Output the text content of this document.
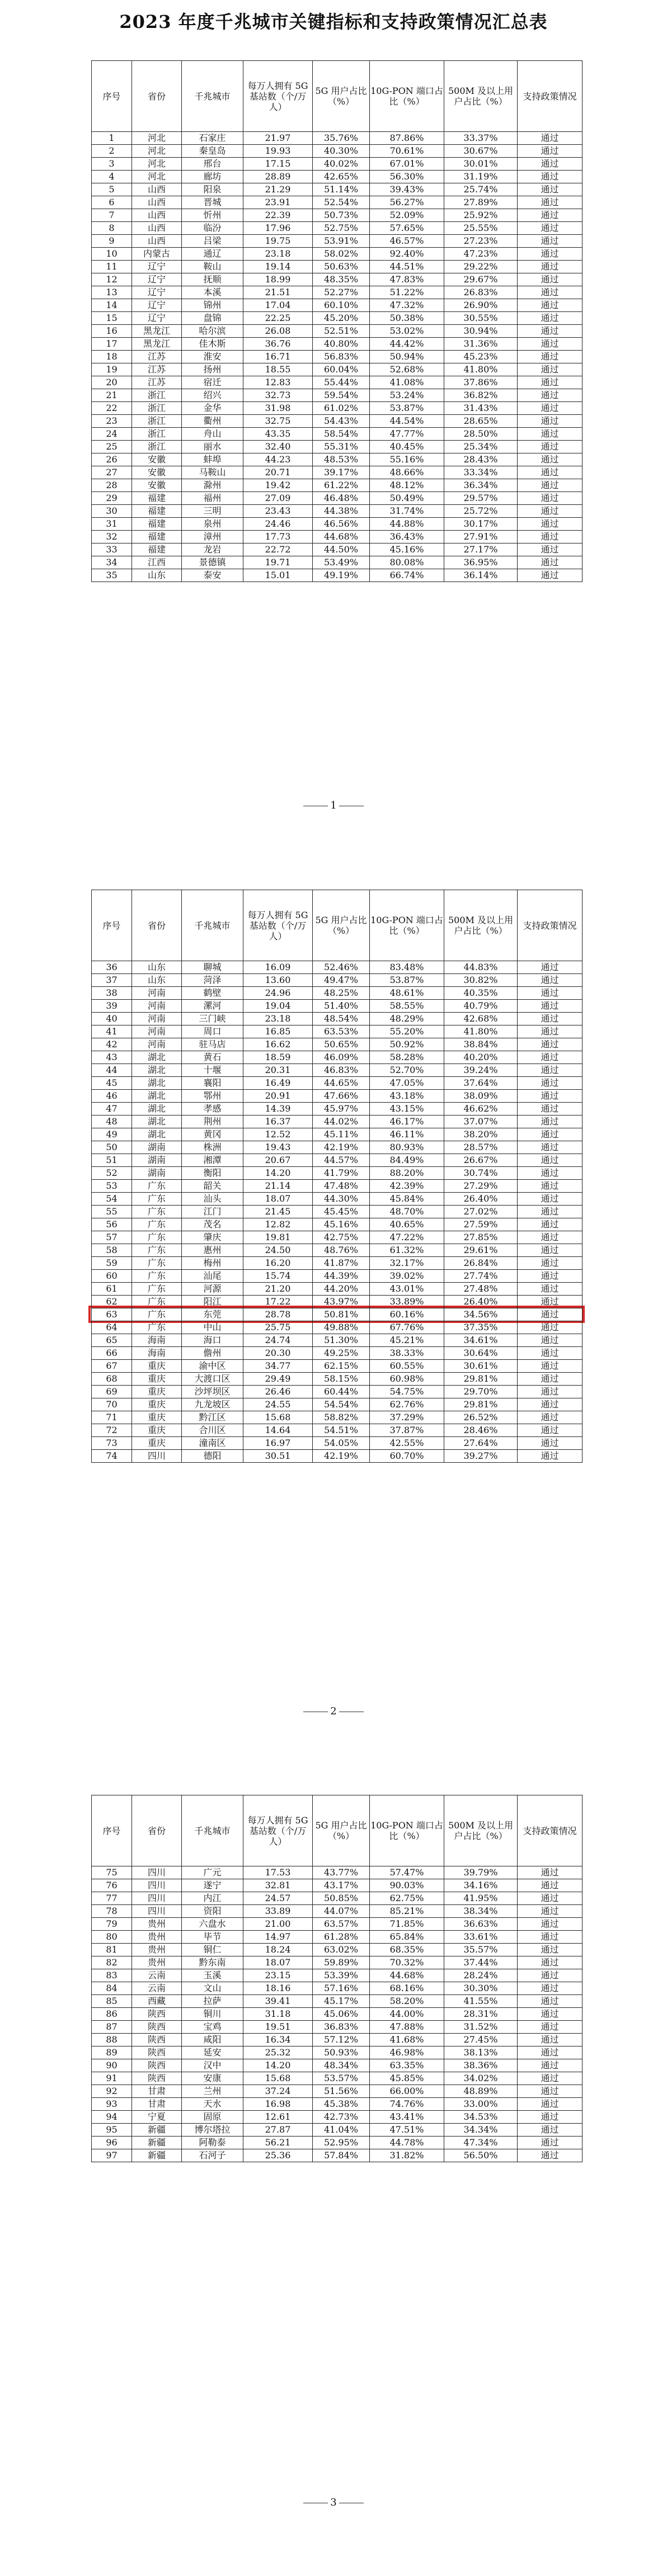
2023 年度千兆城市关键指标和支持政策情况汇总表
序号	省份	千兆城市	每万人拥有 5G 基站数（个/万人）	5G 用户占比（%）	10G-PON 端口占比（%）	500M 及以上用户占比（%）	支持政策情况
1	河北	石家庄	21.97	35.76%	87.86%	33.37%	通过
2	河北	秦皇岛	19.93	40.30%	70.61%	30.67%	通过
3	河北	邢台	17.15	40.02%	67.01%	30.01%	通过
4	河北	廊坊	28.89	42.65%	56.30%	31.19%	通过
5	山西	阳泉	21.29	51.14%	39.43%	25.74%	通过
6	山西	晋城	23.91	52.54%	56.27%	27.89%	通过
7	山西	忻州	22.39	50.73%	52.09%	25.92%	通过
8	山西	临汾	17.96	52.75%	57.65%	25.55%	通过
9	山西	吕梁	19.75	53.91%	46.57%	27.23%	通过
10	内蒙古	通辽	23.18	58.02%	92.40%	47.23%	通过
11	辽宁	鞍山	19.14	50.63%	44.51%	29.22%	通过
12	辽宁	抚顺	18.99	48.35%	47.83%	29.67%	通过
13	辽宁	本溪	21.51	52.27%	51.22%	26.83%	通过
14	辽宁	锦州	17.04	60.10%	47.32%	26.90%	通过
15	辽宁	盘锦	22.25	45.20%	50.38%	30.55%	通过
16	黑龙江	哈尔滨	26.08	52.51%	53.02%	30.94%	通过
17	黑龙江	佳木斯	36.76	40.80%	44.42%	31.36%	通过
18	江苏	淮安	16.71	56.83%	50.94%	45.23%	通过
19	江苏	扬州	18.55	60.04%	52.68%	41.80%	通过
20	江苏	宿迁	12.83	55.44%	41.08%	37.86%	通过
21	浙江	绍兴	32.73	59.54%	53.24%	36.82%	通过
22	浙江	金华	31.98	61.02%	53.87%	31.43%	通过
23	浙江	衢州	32.75	54.43%	44.54%	28.65%	通过
24	浙江	舟山	43.35	58.54%	47.77%	28.50%	通过
25	浙江	丽水	32.40	55.31%	40.45%	25.34%	通过
26	安徽	蚌埠	44.23	48.53%	55.16%	28.43%	通过
27	安徽	马鞍山	20.71	39.17%	48.66%	33.34%	通过
28	安徽	滁州	19.42	61.22%	48.12%	36.34%	通过
29	福建	福州	27.09	46.48%	50.49%	29.57%	通过
30	福建	三明	23.43	44.38%	31.74%	25.72%	通过
31	福建	泉州	24.46	46.56%	44.88%	30.17%	通过
32	福建	漳州	17.73	44.68%	36.43%	27.91%	通过
33	福建	龙岩	22.72	44.50%	45.16%	27.17%	通过
34	江西	景德镇	19.71	53.49%	80.08%	36.95%	通过
35	山东	泰安	15.01	49.19%	66.74%	36.14%	通过
1
序号	省份	千兆城市	每万人拥有 5G 基站数（个/万人）	5G 用户占比（%）	10G-PON 端口占比（%）	500M 及以上用户占比（%）	支持政策情况
36	山东	聊城	16.09	52.46%	83.48%	44.83%	通过
37	山东	菏泽	13.60	49.47%	53.87%	30.82%	通过
38	河南	鹤壁	24.96	48.25%	48.61%	40.35%	通过
39	河南	漯河	19.04	51.40%	58.55%	40.79%	通过
40	河南	三门峡	23.18	48.54%	48.29%	42.68%	通过
41	河南	周口	16.85	63.53%	55.20%	41.80%	通过
42	河南	驻马店	16.62	50.65%	50.92%	38.84%	通过
43	湖北	黄石	18.59	46.09%	58.28%	40.20%	通过
44	湖北	十堰	20.31	46.83%	52.70%	39.24%	通过
45	湖北	襄阳	16.49	44.65%	47.05%	37.64%	通过
46	湖北	鄂州	20.91	47.66%	43.18%	38.09%	通过
47	湖北	孝感	14.39	45.97%	43.15%	46.62%	通过
48	湖北	荆州	16.37	44.02%	46.17%	37.07%	通过
49	湖北	黄冈	12.52	45.11%	46.11%	38.20%	通过
50	湖南	株洲	19.43	42.19%	80.93%	28.57%	通过
51	湖南	湘潭	20.67	44.57%	84.49%	26.67%	通过
52	湖南	衡阳	14.20	41.79%	88.20%	30.74%	通过
53	广东	韶关	21.14	47.48%	42.39%	27.29%	通过
54	广东	汕头	18.07	44.30%	45.84%	26.40%	通过
55	广东	江门	21.45	45.45%	48.70%	27.02%	通过
56	广东	茂名	12.82	45.16%	40.65%	27.59%	通过
57	广东	肇庆	19.81	42.75%	47.22%	27.85%	通过
58	广东	惠州	24.50	48.76%	61.32%	29.61%	通过
59	广东	梅州	16.20	41.87%	32.17%	26.84%	通过
60	广东	汕尾	15.74	44.39%	39.02%	27.74%	通过
61	广东	河源	21.20	44.20%	43.01%	27.48%	通过
62	广东	阳江	17.22	43.97%	33.89%	26.40%	通过
63	广东	东莞	28.78	50.81%	60.16%	34.56%	通过
64	广东	中山	25.75	49.88%	67.76%	37.35%	通过
65	海南	海口	24.74	51.30%	45.21%	34.61%	通过
66	海南	儋州	20.30	49.25%	38.33%	30.64%	通过
67	重庆	渝中区	34.77	62.15%	60.55%	30.61%	通过
68	重庆	大渡口区	29.49	58.15%	60.98%	29.81%	通过
69	重庆	沙坪坝区	26.46	60.44%	54.75%	29.70%	通过
70	重庆	九龙坡区	24.55	54.54%	62.76%	29.81%	通过
71	重庆	黔江区	15.68	58.82%	37.29%	26.52%	通过
72	重庆	合川区	14.64	54.51%	37.87%	28.46%	通过
73	重庆	潼南区	16.97	54.05%	42.55%	27.64%	通过
74	四川	德阳	30.51	42.19%	60.70%	39.27%	通过
2
序号	省份	千兆城市	每万人拥有 5G 基站数（个/万人）	5G 用户占比（%）	10G-PON 端口占比（%）	500M 及以上用户占比（%）	支持政策情况
75	四川	广元	17.53	43.77%	57.47%	39.79%	通过
76	四川	遂宁	32.81	43.17%	90.03%	34.16%	通过
77	四川	内江	24.57	50.85%	62.75%	41.95%	通过
78	四川	资阳	33.89	44.07%	85.21%	38.34%	通过
79	贵州	六盘水	21.00	63.57%	71.85%	36.63%	通过
80	贵州	毕节	14.97	61.28%	65.84%	33.61%	通过
81	贵州	铜仁	18.24	63.02%	68.35%	35.57%	通过
82	贵州	黔东南	18.07	59.89%	70.32%	37.44%	通过
83	云南	玉溪	23.15	53.39%	44.68%	28.24%	通过
84	云南	文山	18.16	57.16%	68.16%	30.30%	通过
85	西藏	拉萨	39.41	45.17%	58.20%	41.55%	通过
86	陕西	铜川	31.18	45.06%	44.00%	28.31%	通过
87	陕西	宝鸡	19.51	36.83%	47.88%	31.52%	通过
88	陕西	咸阳	16.34	57.12%	41.68%	27.45%	通过
89	陕西	延安	25.32	50.93%	46.98%	38.13%	通过
90	陕西	汉中	14.20	48.34%	63.35%	38.36%	通过
91	陕西	安康	15.68	53.57%	45.85%	34.02%	通过
92	甘肃	兰州	37.24	51.56%	66.00%	48.89%	通过
93	甘肃	天水	16.98	45.38%	74.76%	33.00%	通过
94	宁夏	固原	12.61	42.73%	43.41%	34.53%	通过
95	新疆	博尔塔拉	27.87	41.04%	47.51%	34.34%	通过
96	新疆	阿勒泰	56.21	52.95%	44.78%	47.34%	通过
97	新疆	石河子	25.36	57.84%	31.82%	56.50%	通过
3
